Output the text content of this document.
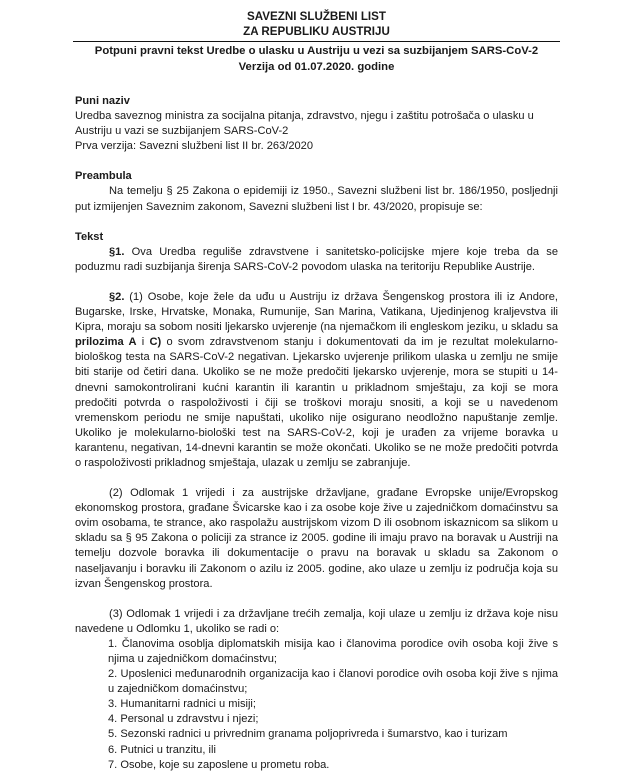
SAVEZNI SLUŽBENI LIST
ZA REPUBLIKU AUSTRIJU
Potpuni pravni tekst Uredbe o ulasku u Austriju u vezi sa suzbijanjem SARS-CoV-2
Verzija od 01.07.2020. godine
Puni naziv

Uredba saveznog ministra za socijalna pitanja, zdravstvo, njegu i zaštitu potrošača o ulasku u Austriju u vazi se suzbijanjem SARS-CoV-2

Prva verzija: Savezni službeni list II br. 263/2020

Preambula

Na temelju § 25 Zakona o epidemiji iz 1950., Savezni službeni list br. 186/1950, posljednji put izmijenjen Saveznim zakonom, Savezni službeni list I br. 43/2020, propisuje se:

Tekst

§1. Ova Uredba reguliše zdravstvene i sanitetsko-policijske mjere koje treba da se poduzmu radi suzbijanja širenja SARS-CoV-2 povodom ulaska na teritoriju Republike Austrije.

§2. (1) Osobe, koje žele da uđu u Austriju iz država Šengenskog prostora ili iz Andore, Bugarske, Irske, Hrvatske, Monaka, Rumunije, San Marina, Vatikana, Ujedinjenog kraljevstva ili Kipra, moraju sa sobom nositi ljekarsko uvjerenje (na njemačkom ili engleskom jeziku, u skladu sa prilozima A i C) o svom zdravstvenom stanju i dokumentovati da im je rezultat molekularno-biološkog testa na SARS-CoV-2 negativan. Ljekarsko uvjerenje prilikom ulaska u zemlju ne smije biti starije od četiri dana. Ukoliko se ne može predočiti ljekarsko uvjerenje, mora se stupiti u 14-dnevni samokontrolirani kućni karantin ili karantin u prikladnom smještaju, za koji se mora predočiti potvrda o raspoloživosti i čiji se troškovi moraju snositi, a koji se u navedenom vremenskom periodu ne smije napuštati, ukoliko nije osigurano neodložno napuštanje zemlje. Ukoliko je molekularno-biološki test na SARS-CoV-2, koji je urađen za vrijeme boravka u karantenu, negativan, 14-dnevni karantin se može okončati. Ukoliko se ne može predočiti potvrda o raspoloživosti prikladnog smještaja, ulazak u zemlju se zabranjuje.

(2) Odlomak 1 vrijedi i za austrijske državljane, građane Evropske unije/Evropskog ekonomskog prostora, građane Švicarske kao i za osobe koje žive u zajedničkom domaćinstvu sa ovim osobama, te strance, ako raspolažu austrijskom vizom D ili osobnom iskaznicom sa slikom u skladu sa § 95 Zakona o policiji za strance iz 2005. godine ili imaju pravo na boravak u Austriji na temelju dozvole boravka ili dokumentacije o pravu na boravak u skladu sa Zakonom o naseljavanju i boravku ili Zakonom o azilu iz 2005. godine, ako ulaze u zemlju iz područja koja su izvan Šengenskog prostora.

(3) Odlomak 1 vrijedi i za državljane trećih zemalja, koji ulaze u zemlju iz država koje nisu navedene u Odlomku 1, ukoliko se radi o:

1. Članovima osoblja diplomatskih misija kao i članovima porodice ovih osoba koji žive s njima u zajedničkom domaćinstvu;
2. Uposlenici međunarodnih organizacija kao i članovi porodice ovih osoba koji žive s njima u zajedničkom domaćinstvu;
3. Humanitarni radnici u misiji;
4. Personal u zdravstvu i njezi;
5. Sezonski radnici u privrednim granama poljoprivreda i šumarstvo, kao i turizam
6. Putnici u tranzitu, ili
7. Osobe, koje su zaposlene u prometu roba.
